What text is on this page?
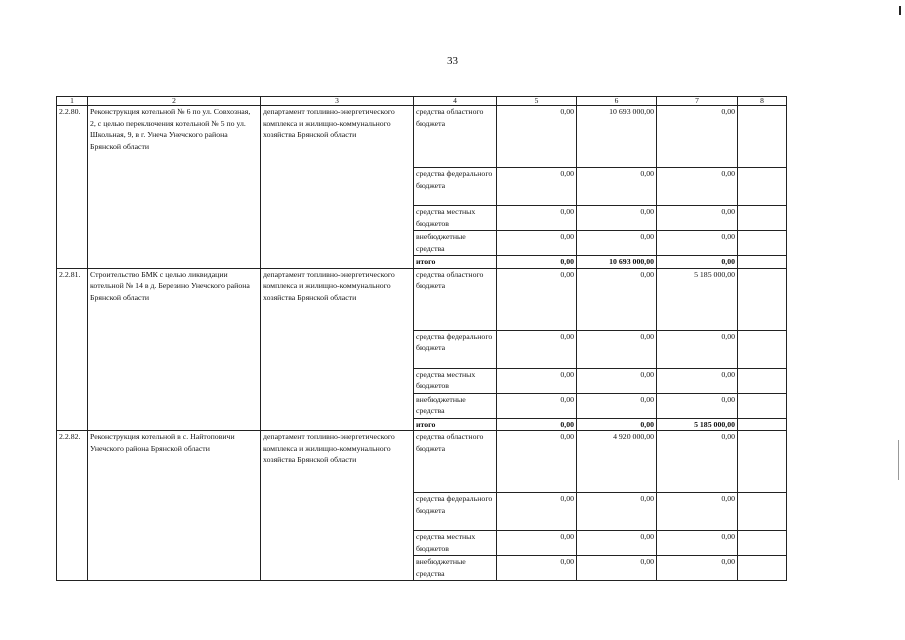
33
1	2	3	4	5	6	7	8
2.2.80.	Реконструкция котельной № 6 по ул. Совхозная, 2, с целью переключения котельной № 5 по ул. Школьная, 9, в г. Унеча Унечского района Брянской области	департамент топливно-энергетического комплекса и жилищно-коммунального хозяйства Брянской области	средства областного бюджета	0,00	10 693 000,00	0,00	
			средства федерального бюджета	0,00	0,00	0,00	
			средства местных бюджетов	0,00	0,00	0,00	
			внебюджетные средства	0,00	0,00	0,00	
			итого	0,00	10 693 000,00	0,00	
2.2.81.	Строительство БМК с целью ликвидации котельной № 14 в д. Березино Унечского района Брянской области	департамент топливно-энергетического комплекса и жилищно-коммунального хозяйства Брянской области	средства областного бюджета	0,00	0,00	5 185 000,00	
			средства федерального бюджета	0,00	0,00	0,00	
			средства местных бюджетов	0,00	0,00	0,00	
			внебюджетные средства	0,00	0,00	0,00	
			итого	0,00	0,00	5 185 000,00	
2.2.82.	Реконструкция котельной в с. Найтоповичи Унечского района Брянской области	департамент топливно-энергетического комплекса и жилищно-коммунального хозяйства Брянской области	средства областного бюджета	0,00	4 920 000,00	0,00	
			средства федерального бюджета	0,00	0,00	0,00	
			средства местных бюджетов	0,00	0,00	0,00	
			внебюджетные средства	0,00	0,00	0,00	
